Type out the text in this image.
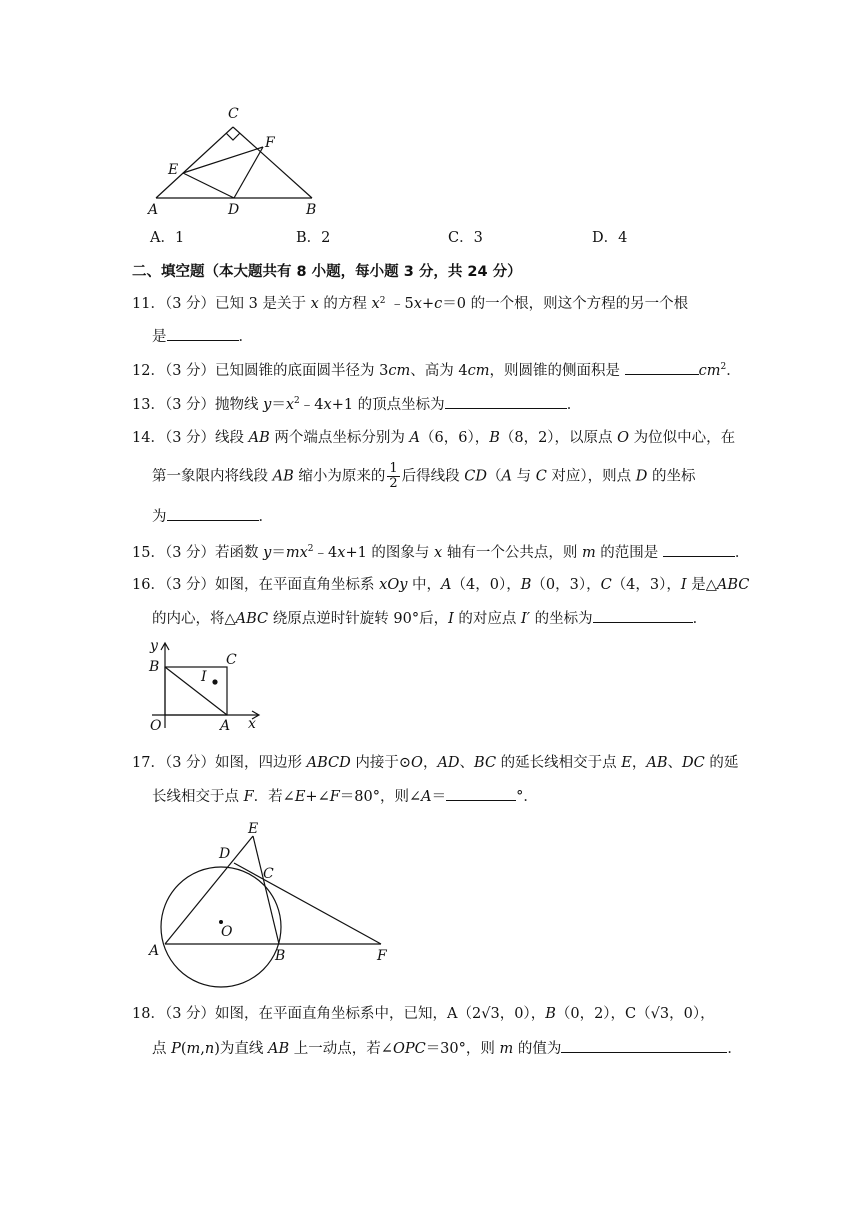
C
F
E
A	D	B
A．1	B．2	C．3	D．4
二、填空题（本大题共有 8 小题，每小题 3 分，共 24 分）
11．（3 分）已知 3 是关于 x 的方程 $x^2$ ﹣5x+c＝0 的一个根，则这个方程的另一个根
是	．
12．（3 分）已知圆锥的底面圆半径为 3cm、高为 4cm，则圆锥的侧面积是	$cm^2$．
13．（3 分）抛物线 $y=x^2﹣4x+1$ 的顶点坐标为	．
14．（3 分）线段 AB 两个端点坐标分别为 A（6，6），B（8，2），以原点 O 为位似中心，在
第一象限内将线段 AB 缩小为原来的 $\frac{1}{2}$ 后得线段 CD（A 与 C 对应），则点 D 的坐标
为	．
15．（3 分）若函数 $y=mx^2﹣4x+1$ 的图象与 x 轴有一个公共点，则 m 的范围是	．
16．（3 分）如图，在平面直角坐标系 xOy 中，A（4，0），B（0，3），C（4，3），I 是△ABC
的内心，将△ABC 绕原点逆时针旋转 90°后，I 的对应点 I′ 的坐标为	．
y
B	C
I
O	A x
17．（3 分）如图，四边形 ABCD 内接于⊙O，AD、BC 的延长线相交于点 E，AB、DC 的延
长线相交于点 F．若∠E+∠F＝80°，则∠A＝	°．
E
D
C
O
A	B	F
18．（3 分）如图，在平面直角坐标系中，已知，A（2√3，0），B（0，2），C（√3，0），
点 P(m,n)为直线 AB 上一动点，若∠OPC＝30°，则 m 的值为	．
